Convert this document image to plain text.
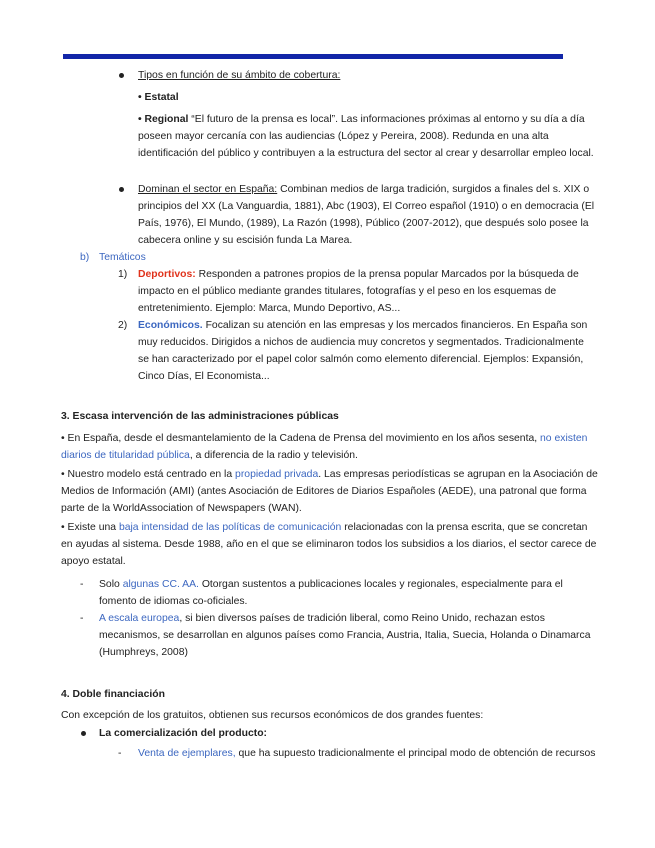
Tipos en función de su ámbito de cobertura:
• Estatal

• Regional “El futuro de la prensa es local”. Las informaciones próximas al entorno y su día a día poseen mayor cercanía con las audiencias (López y Pereira, 2008). Redunda en una alta identificación del público y contribuyen a la estructura del sector al crear y desarrollar empleo local.

Dominan el sector en España: Combinan medios de larga tradición, surgidos a finales del s. XIX o principios del XX (La Vanguardia, 1881), Abc (1903), El Correo español (1910) o en democracia (El País, 1976), El Mundo, (1989), La Razón (1998), Público (2007-2012), que después solo posee la cabecera online y su escisión funda La Marea.

b) Temáticos
1) Deportivos: Responden a patrones propios de la prensa popular Marcados por la búsqueda de impacto en el público mediante grandes titulares, fotografías y el peso en los esquemas de entretenimiento. Ejemplo: Marca, Mundo Deportivo, AS...

2) Económicos. Focalizan su atención en las empresas y los mercados financieros. En España son muy reducidos. Dirigidos a nichos de audiencia muy concretos y segmentados. Tradicionalmente se han caracterizado por el papel color salmón como elemento diferencial. Ejemplos: Expansión, Cinco Días, El Economista...

3. Escasa intervención de las administraciones públicas

• En España, desde el desmantelamiento de la Cadena de Prensa del movimiento en los años sesenta, no existen diarios de titularidad pública, a diferencia de la radio y televisión.

• Nuestro modelo está centrado en la propiedad privada. Las empresas periodísticas se agrupan en la Asociación de Medios de Información (AMI) (antes Asociación de Editores de Diarios Españoles (AEDE), una patronal que forma parte de la WorldAssociation of Newspapers (WAN).

• Existe una baja intensidad de las políticas de comunicación relacionadas con la prensa escrita, que se concretan en ayudas al sistema. Desde 1988, año en el que se eliminaron todos los subsidios a los diarios, el sector carece de apoyo estatal.

- Solo algunas CC. AA. Otorgan sustentos a publicaciones locales y regionales, especialmente para el fomento de idiomas co-oficiales.

- A escala europea, si bien diversos países de tradición liberal, como Reino Unido, rechazan estos mecanismos, se desarrollan en algunos países como Francia, Austria, Italia, Suecia, Holanda o Dinamarca (Humphreys, 2008)

4. Doble financiación
Con excepción de los gratuitos, obtienen sus recursos económicos de dos grandes fuentes:
La comercialización del producto:
- Venta de ejemplares, que ha supuesto tradicionalmente el principal modo de obtención de recursos
